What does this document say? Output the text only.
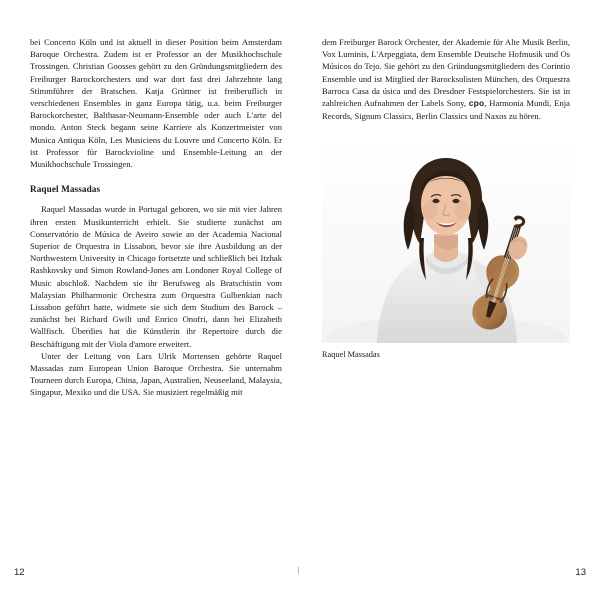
bei Concerto Köln und ist aktuell in dieser Position beim Amsterdam Baroque Orchestra. Zudem ist er Professor an der Musikhochschule Trossingen. Christian Goosses gehört zu den Gründungsmitgliedern des Freiburger Barockorchesters und war dort fast drei Jahrzehnte lang Stimmführer der Bratschen. Katja Grüttner ist freiberuflich in verschiedenen Ensembles in ganz Europa tätig, u.a. beim Freiburger Barockorchester, Balthasar-Neumann-Ensemble oder auch L'arte del mondo. Anton Steck begann seine Karriere als Konzertmeister von Musica Antiqua Köln, Les Musiciens du Louvre und Concerto Köln. Er ist Professor für Barockvioline und Ensemble-Leitung an der Musikhochschule Trossingen.

Raquel Massadas

Raquel Massadas wurde in Portugal geboren, wo sie mit vier Jahren ihren ersten Musikunterricht erhielt. Sie studierte zunächst am Conservatório de Música de Aveiro sowie an der Academia Nacional Superior de Orquestra in Lissabon, bevor sie ihre Ausbildung an der Northwestern University in Chicago fortsetzte und schließlich bei Itzhak Rashkovsky und Simon Rowland-Jones am Londoner Royal College of Music abschloß. Nachdem sie ihr Berufsweg als Bratschistin vom Malaysian Philharmonic Orchestra zum Orquestra Gulbenkian nach Lissabon geführt hatte, widmete sie sich dem Studium des Barock – zunächst bei Richard Gwilt und Enrico Onofri, dann bei Elizabeth Wallfisch. Überdies hat die Künstlerin ihr Repertoire durch die Beschäftigung mit der Viola d'amore erweitert.

Unter der Leitung von Lars Ulrik Mortensen gehörte Raquel Massadas zum European Union Baroque Orchestra. Sie unternahm Tourneen durch Europa, China, Japan, Australien, Neuseeland, Malaysia, Singapur, Mexiko und die USA. Sie musiziert regelmäßig mit

12

dem Freiburger Barock Orchester, der Akademie für Alte Musik Berlin, Vox Luminis, L'Arpeggiata, dem Ensemble Deutsche Hofmusik und Os Músicos do Tejo. Sie gehört zu den Gründungsmitgliedern des Corintio Ensemble und ist Mitglied der Barocksolisten München, des Orquestra Barroca Casa da úsica und des Dresdner Festspielorchesters. Sie ist in zahlreichen Aufnahmen der Labels Sony, cpo, Harmonia Mundi, Enja Records, Signum Classics, Berlin Classics und Naxos zu hören.

Raquel Massadas
13
